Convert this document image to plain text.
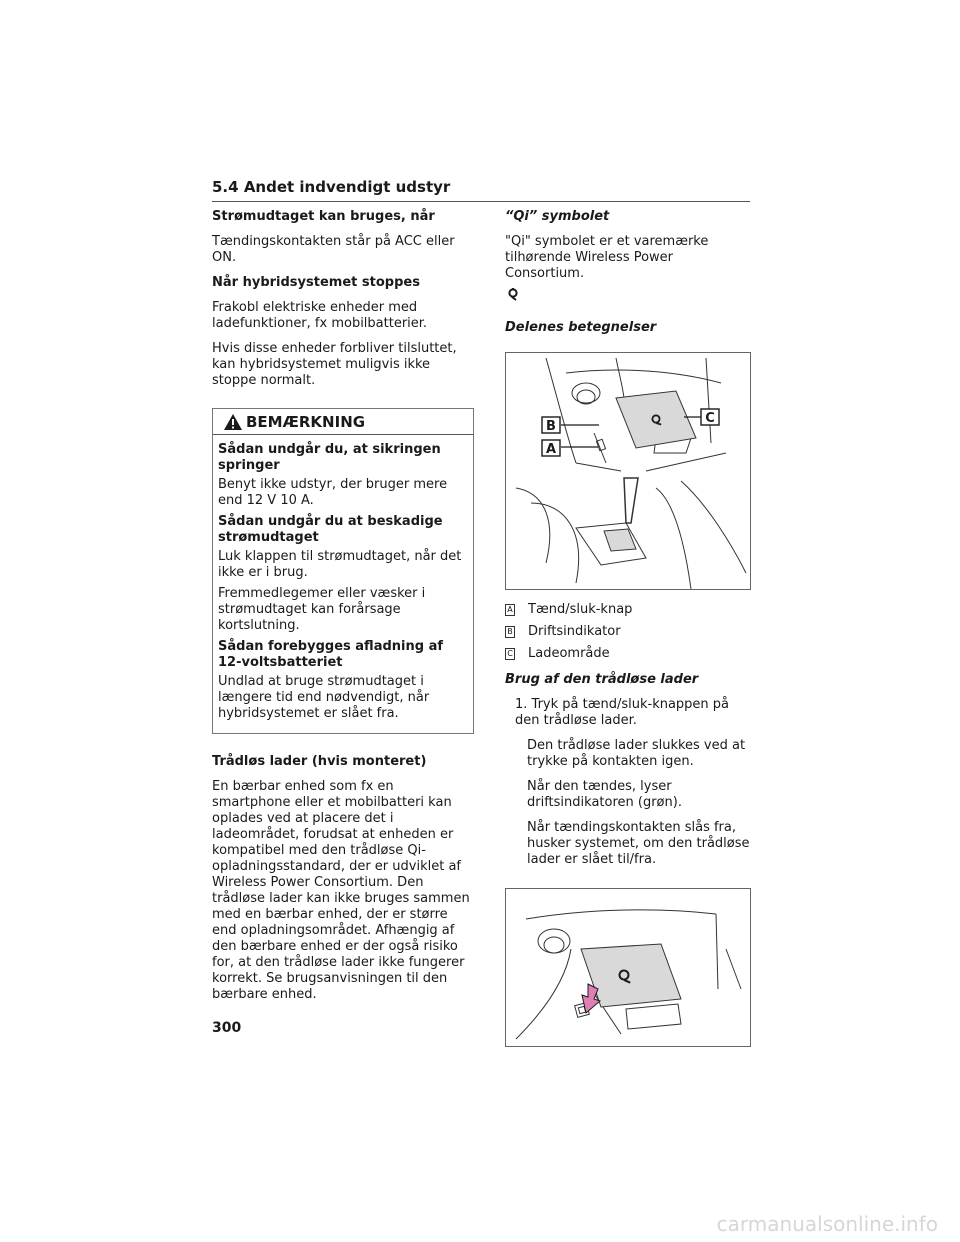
5.4 Andet indvendigt udstyr

Strømudtaget kan bruges, når

Tændingskontakten står på ACC eller ON.

Når hybridsystemet stoppes

Frakobl elektriske enheder med ladefunktioner, fx mobilbatterier.

Hvis disse enheder forbliver tilsluttet, kan hybridsystemet muligvis ikke stoppe normalt.

BEMÆRKNING

Sådan undgår du, at sikringen springer

Benyt ikke udstyr, der bruger mere end 12 V 10 A.

Sådan undgår du at beskadige strømudtaget

Luk klappen til strømudtaget, når det ikke er i brug.

Fremmedlegemer eller væsker i strømudtaget kan forårsage kortslutning.

Sådan forebygges afladning af 12-voltsbatteriet

Undlad at bruge strømudtaget i længere tid end nødvendigt, når hybridsystemet er slået fra.

Trådløs lader (hvis monteret)

En bærbar enhed som fx en smartphone eller et mobilbatteri kan oplades ved at placere det i ladeområdet, forudsat at enheden er kompatibel med den trådløse Qi-opladningsstandard, der er udviklet af Wireless Power Consortium. Den trådløse lader kan ikke bruges sammen med en bærbar enhed, der er større end opladningsområdet. Afhængig af den bærbare enhed er der også risiko for, at den trådløse lader ikke fungerer korrekt. Se brugsanvisningen til den bærbare enhed.

“Qi” symbolet

"Qi" symbolet er et varemærke tilhørende Wireless Power Consortium.

Delenes betegnelser

B
A
C
A Tænd/sluk-knap
B Driftsindikator
C Ladeområde

Brug af den trådløse lader

1. Tryk på tænd/sluk-knappen på den trådløse lader.

Den trådløse lader slukkes ved at trykke på kontakten igen.

Når den tændes, lyser driftsindikatoren (grøn).

Når tændingskontakten slås fra, husker systemet, om den trådløse lader er slået til/fra.

300
carmanualsonline.info
